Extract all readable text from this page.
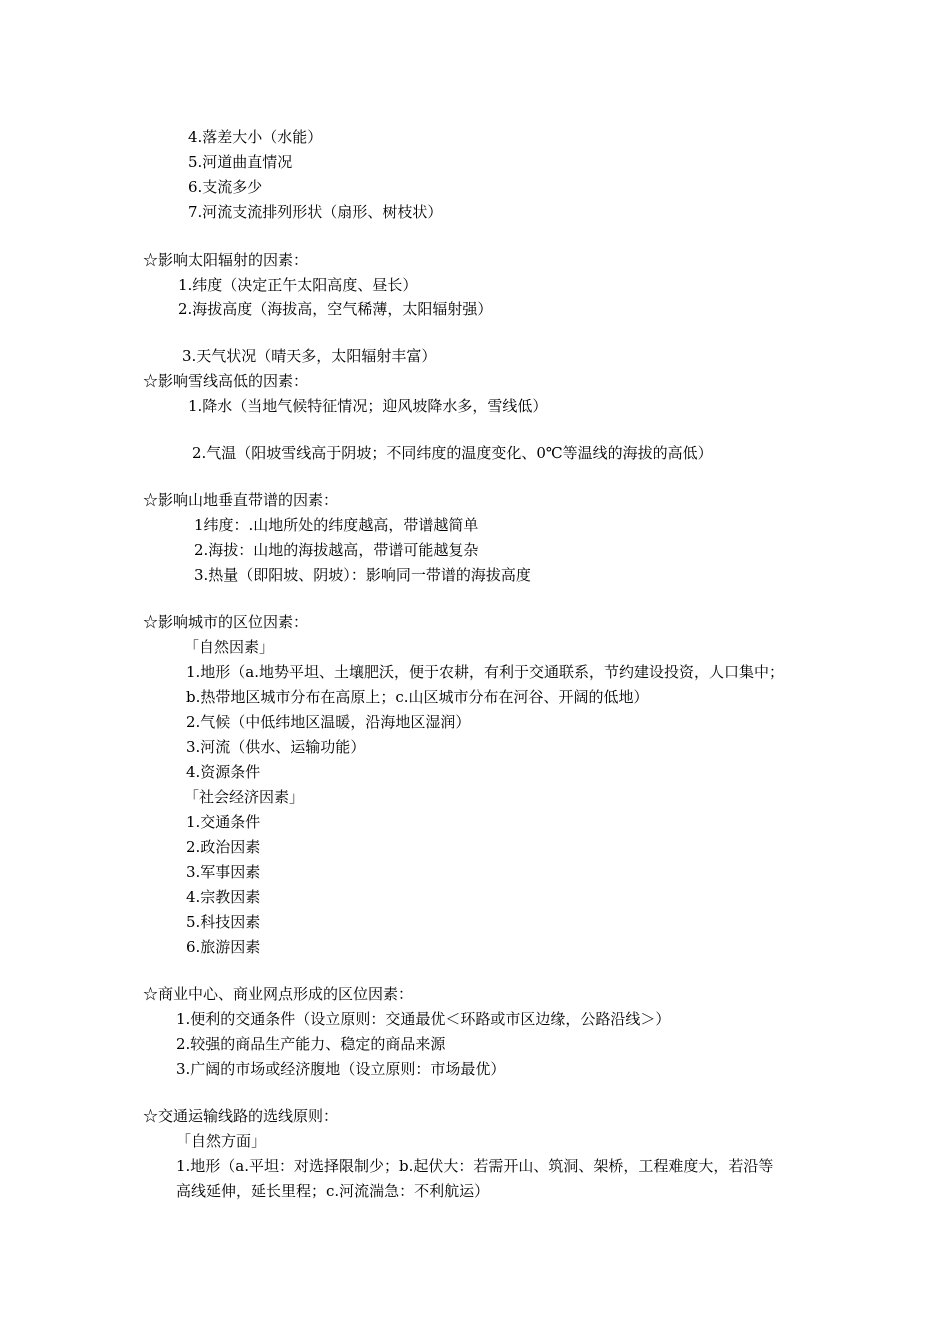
4.落差大小（水能）
5.河道曲直情况
6.支流多少
7.河流支流排列形状（扇形、树枝状）
☆影响太阳辐射的因素：
1.纬度（决定正午太阳高度、昼长）
2.海拔高度（海拔高，空气稀薄，太阳辐射强）
3.天气状况（晴天多，太阳辐射丰富）
☆影响雪线高低的因素：
1.降水（当地气候特征情况；迎风坡降水多，雪线低）
2.气温（阳坡雪线高于阴坡；不同纬度的温度变化、0℃等温线的海拔的高低）
☆影响山地垂直带谱的因素：
1纬度：.山地所处的纬度越高，带谱越简单
2.海拔：山地的海拔越高，带谱可能越复杂
3.热量（即阳坡、阴坡）：影响同一带谱的海拔高度
☆影响城市的区位因素：
「自然因素」
1.地形（a.地势平坦、土壤肥沃，便于农耕，有利于交通联系，节约建设投资，人口集中；
b.热带地区城市分布在高原上；c.山区城市分布在河谷、开阔的低地）
2.气候（中低纬地区温暖，沿海地区湿润）
3.河流（供水、运输功能）
4.资源条件
「社会经济因素」
1.交通条件
2.政治因素
3.军事因素
4.宗教因素
5.科技因素
6.旅游因素
☆商业中心、商业网点形成的区位因素：
1.便利的交通条件（设立原则：交通最优＜环路或市区边缘，公路沿线＞）
2.较强的商品生产能力、稳定的商品来源
3.广阔的市场或经济腹地（设立原则：市场最优）
☆交通运输线路的选线原则：
「自然方面」
1.地形（a.平坦：对选择限制少；b.起伏大：若需开山、筑洞、架桥，工程难度大，若沿等
高线延伸，延长里程；c.河流湍急：不利航运）
